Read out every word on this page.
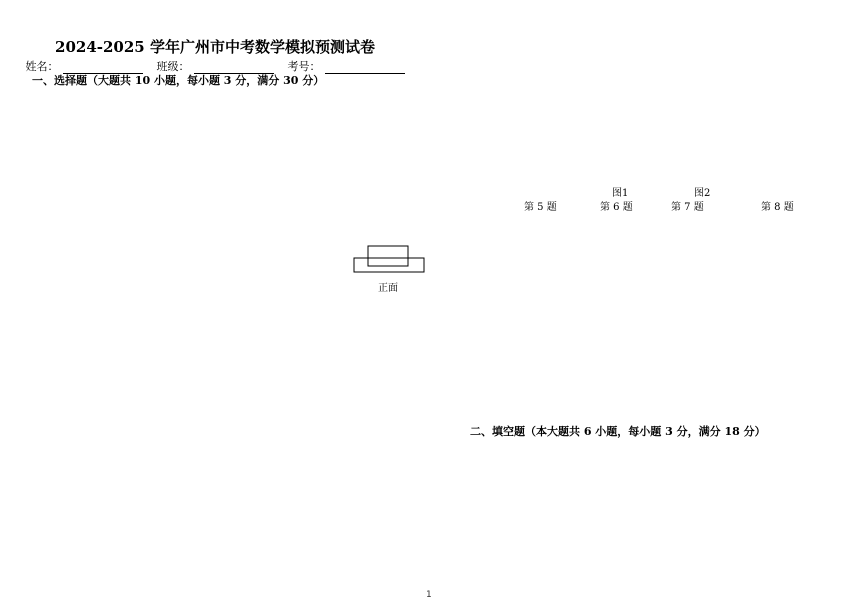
2024-2025 学年广州市中考数学模拟预测试卷
姓名：	班级：	考号：
一、选择题（大题共 10 小题，每小题 3 分，满分 30 分）
正面
第 5 题	第 6 题	第 7 题	第 8 题
图1	图2
二、填空题（本大题共 6 小题，每小题 3 分，满分 18 分）
1
